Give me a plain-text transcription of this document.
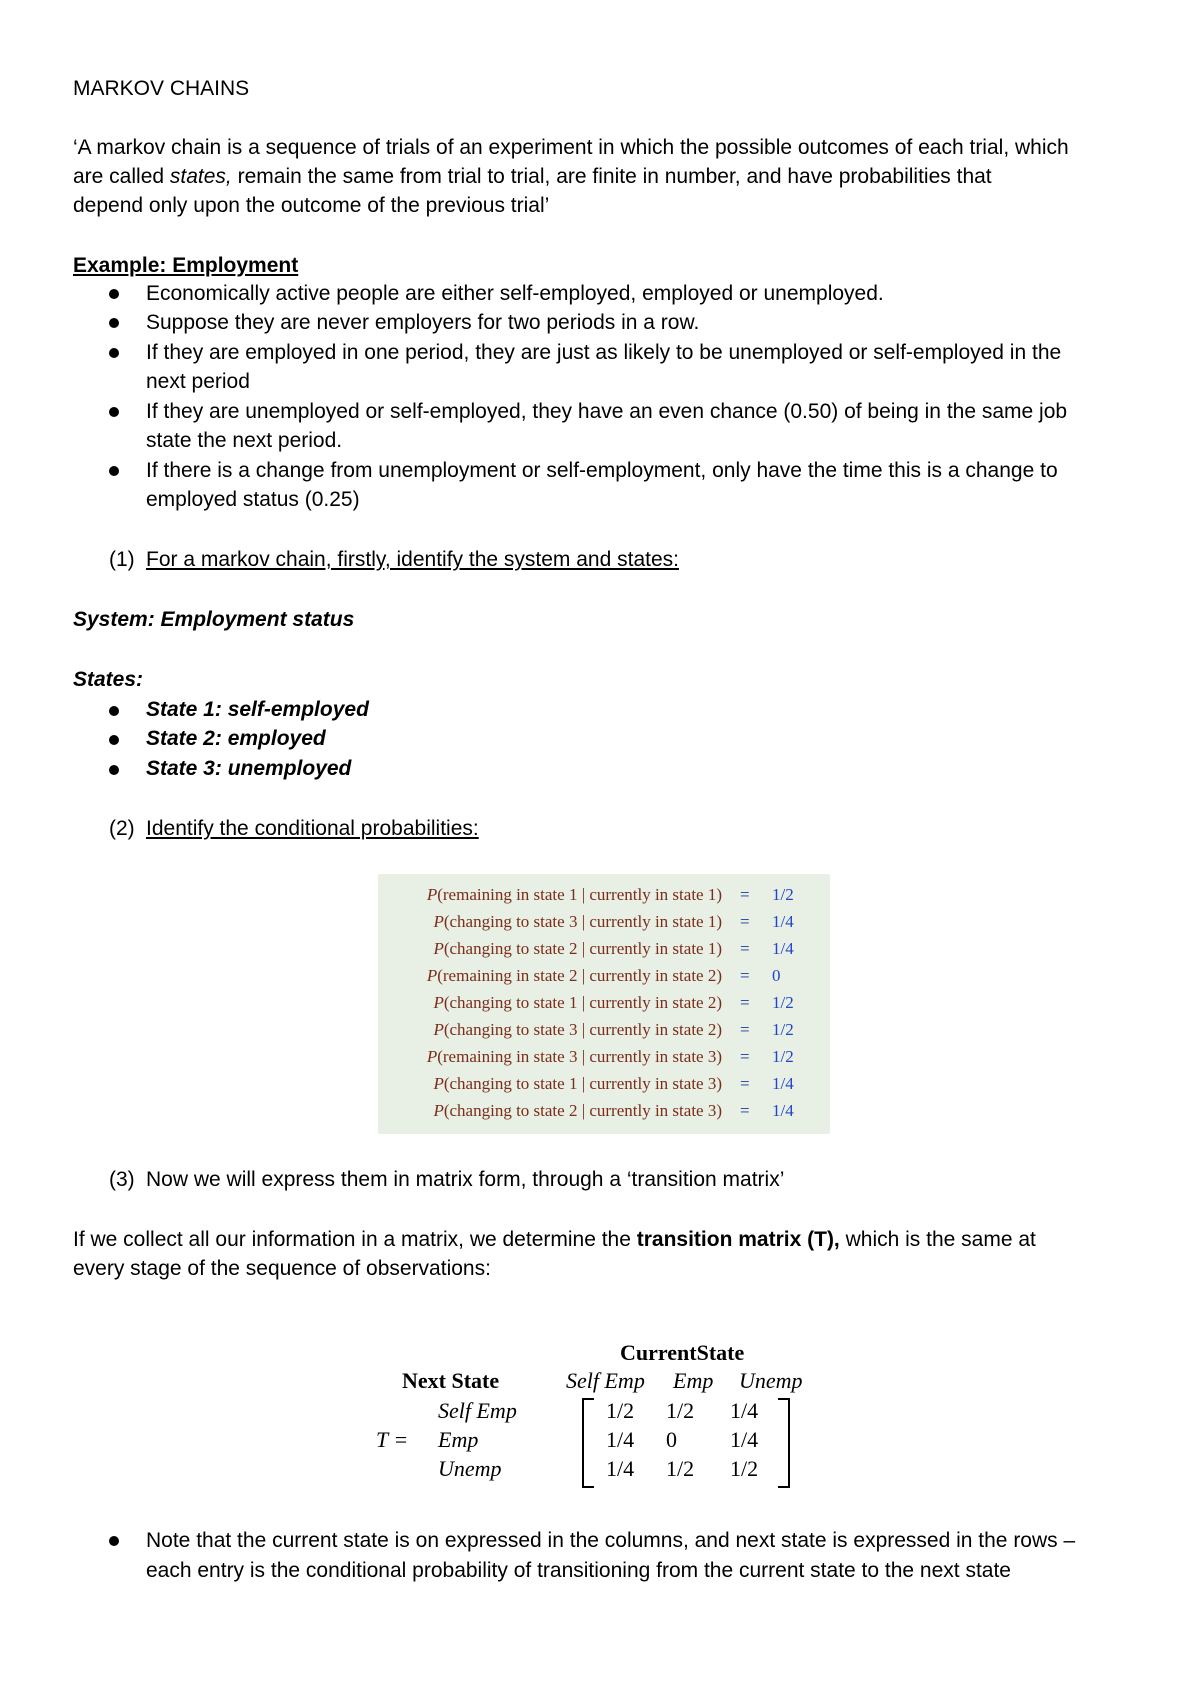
MARKOV CHAINS
‘A markov chain is a sequence of trials of an experiment in which the possible outcomes of each trial, which
are called states, remain the same from trial to trial, are finite in number, and have probabilities that
depend only upon the outcome of the previous trial’
Example: Employment
Economically active people are either self-employed, employed or unemployed.
Suppose they are never employers for two periods in a row.
If they are employed in one period, they are just as likely to be unemployed or self-employed in the
next period
If they are unemployed or self-employed, they have an even chance (0.50) of being in the same job
state the next period.
If there is a change from unemployment or self-employment, only have the time this is a change to
employed status (0.25)
(1) For a markov chain, firstly, identify the system and states:
System: Employment status
States:
State 1: self-employed
State 2: employed
State 3: unemployed
(2) Identify the conditional probabilities:
(3) Now we will express them in matrix form, through a ‘transition matrix’
If we collect all our information in a matrix, we determine the transition matrix (T), which is the same at
every stage of the sequence of observations:
Note that the current state is on expressed in the columns, and next state is expressed in the rows –
each entry is the conditional probability of transitioning from the current state to the next state
P(remaining in state 1 | currently in state 1) = 1/2
P(changing to state 3 | currently in state 1) = 1/4
P(changing to state 2 | currently in state 1) = 1/4
P(remaining in state 2 | currently in state 2) = 0
P(changing to state 1 | currently in state 2) = 1/2
P(changing to state 3 | currently in state 2) = 1/2
P(remaining in state 3 | currently in state 3) = 1/2
P(changing to state 1 | currently in state 3) = 1/4
P(changing to state 2 | currently in state 3) = 1/4
CurrentState
Next State	Self Emp Emp Unemp
Self Emp
Emp
Unemp
T =
1/2 1/2 1/4
1/4 0 1/4
1/4 1/2 1/2
